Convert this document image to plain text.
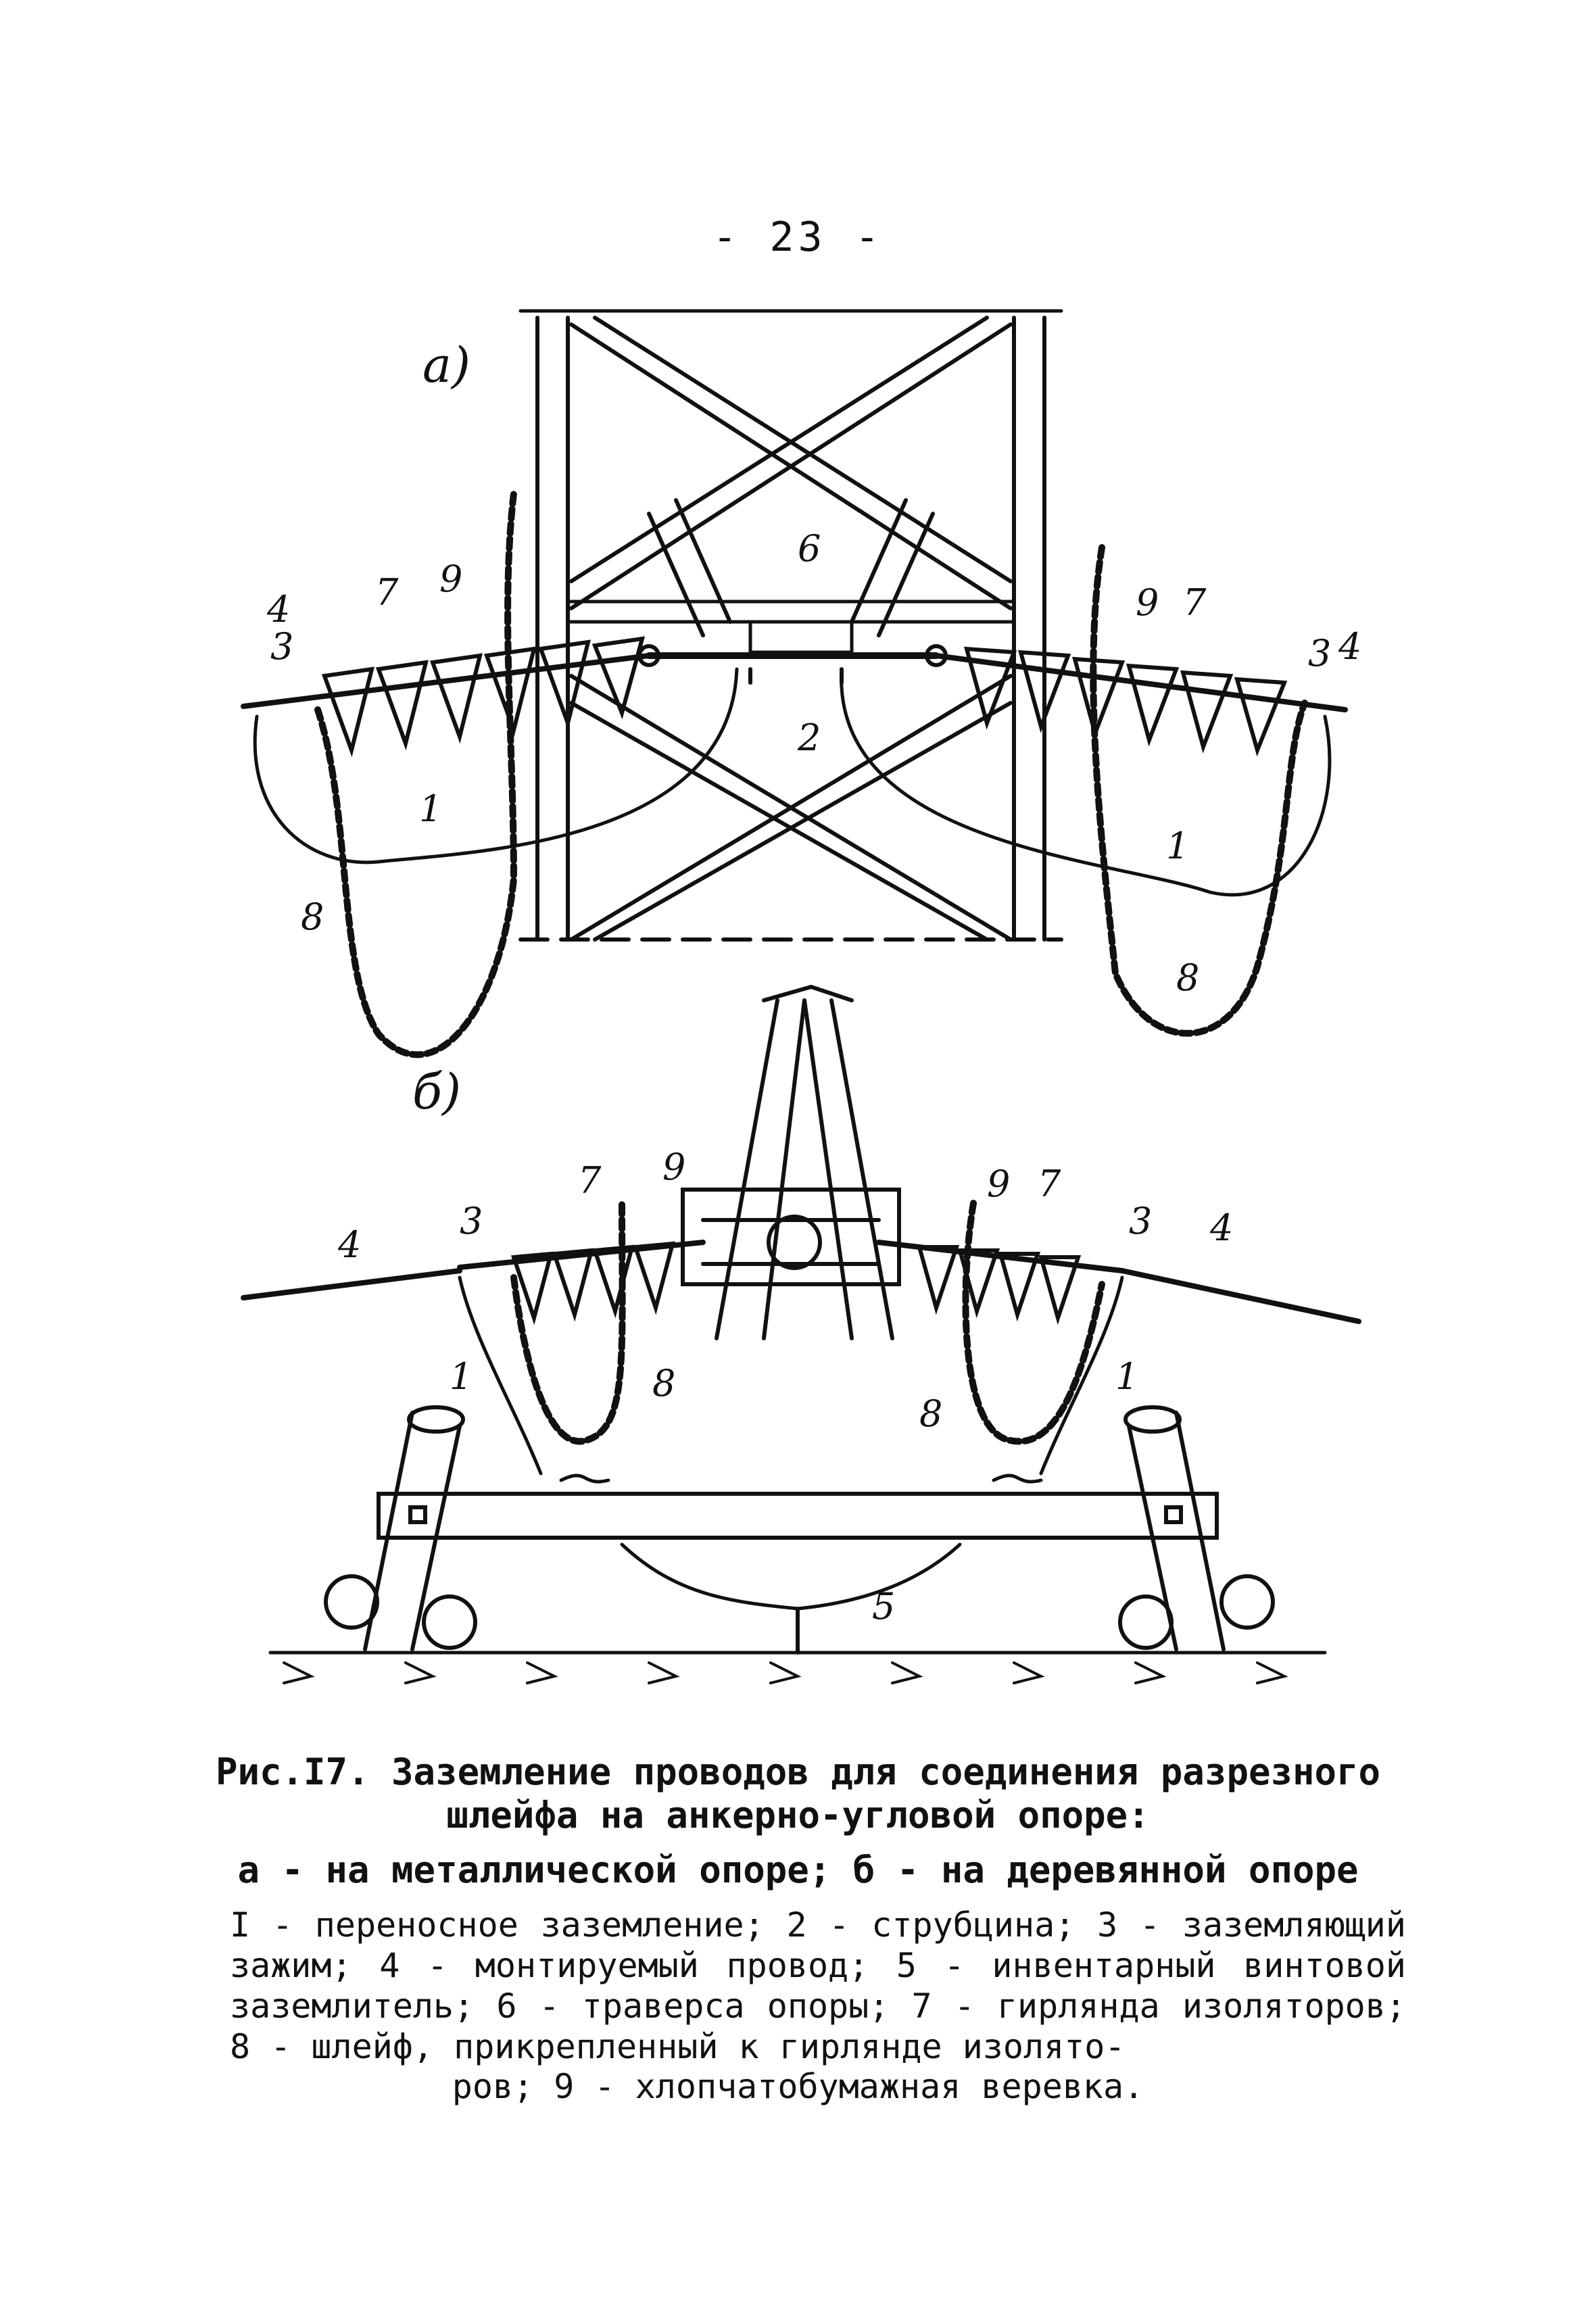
- 23 -
а)
б)
4
3
7 9
6
2
1
8
9 7
3 4
1
8
4
3
7 9
1	8
9 7
3 4
8
1
5
Рис.I7. Заземление проводов для соединения разрезного
шлейфа на анкерно-угловой опоре:
а - на металлической опоре; б - на деревянной опоре
I - переносное заземление; 2 - струбцина; 3 - заземляющий зажим; 4 - монтируемый провод; 5 - инвентарный винтовой заземлитель; 6 - траверса опоры; 7 - гирлянда изоляторов; 8 - шлейф, прикрепленный к гирлянде изолято-
ров; 9 - хлопчатобумажная веревка.
